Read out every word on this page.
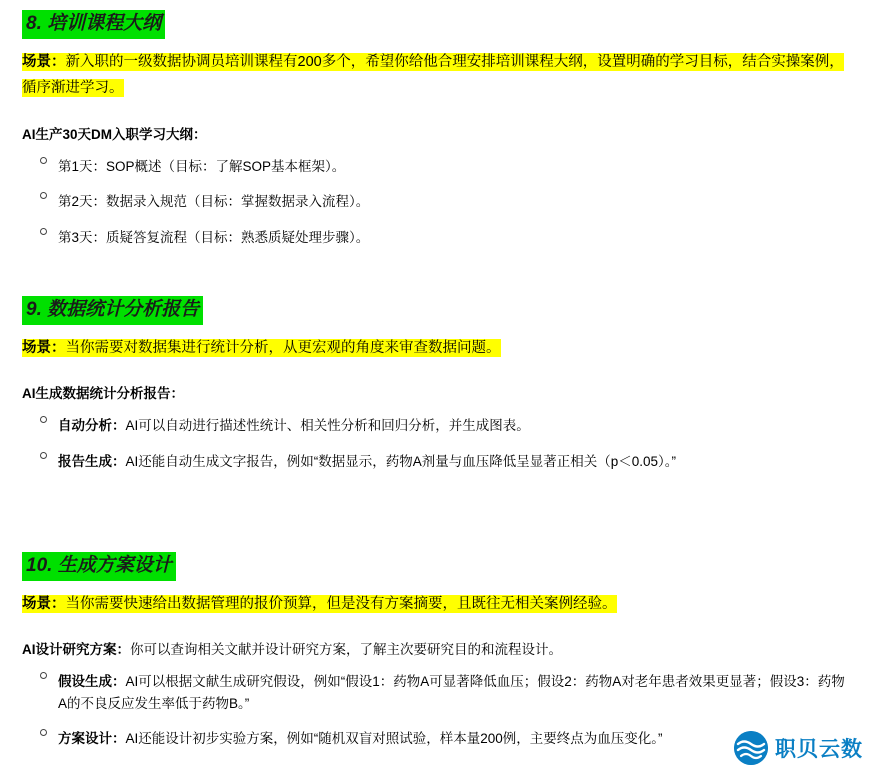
8. 培训课程大纲

场景：新入职的一级数据协调员培训课程有200多个，希望你给他合理安排培训课程大纲，设置明确的学习目标，结合实操案例，循序渐进学习。

AI生产30天DM入职学习大纲：

第1天：SOP概述（目标：了解SOP基本框架）。
第2天：数据录入规范（目标：掌握数据录入流程）。
第3天：质疑答复流程（目标：熟悉质疑处理步骤）。
9. 数据统计分析报告

场景：当你需要对数据集进行统计分析，从更宏观的角度来审查数据问题。

AI生成数据统计分析报告：

自动分析：AI可以自动进行描述性统计、相关性分析和回归分析，并生成图表。
报告生成：AI还能自动生成文字报告，例如“数据显示，药物A剂量与血压降低呈显著正相关（p＜0.05）。”
10. 生成方案设计

场景：当你需要快速给出数据管理的报价预算，但是没有方案摘要，且既往无相关案例经验。

AI设计研究方案：你可以查询相关文献并设计研究方案，了解主次要研究目的和流程设计。

假设生成：AI可以根据文献生成研究假设，例如“假设1：药物A可显著降低血压；假设2：药物A对老年患者效果更显著；假设3：药物A的不良反应发生率低于药物B。”
方案设计：AI还能设计初步实验方案，例如“随机双盲对照试验，样本量200例，主要终点为血压变化。”	职贝云数
